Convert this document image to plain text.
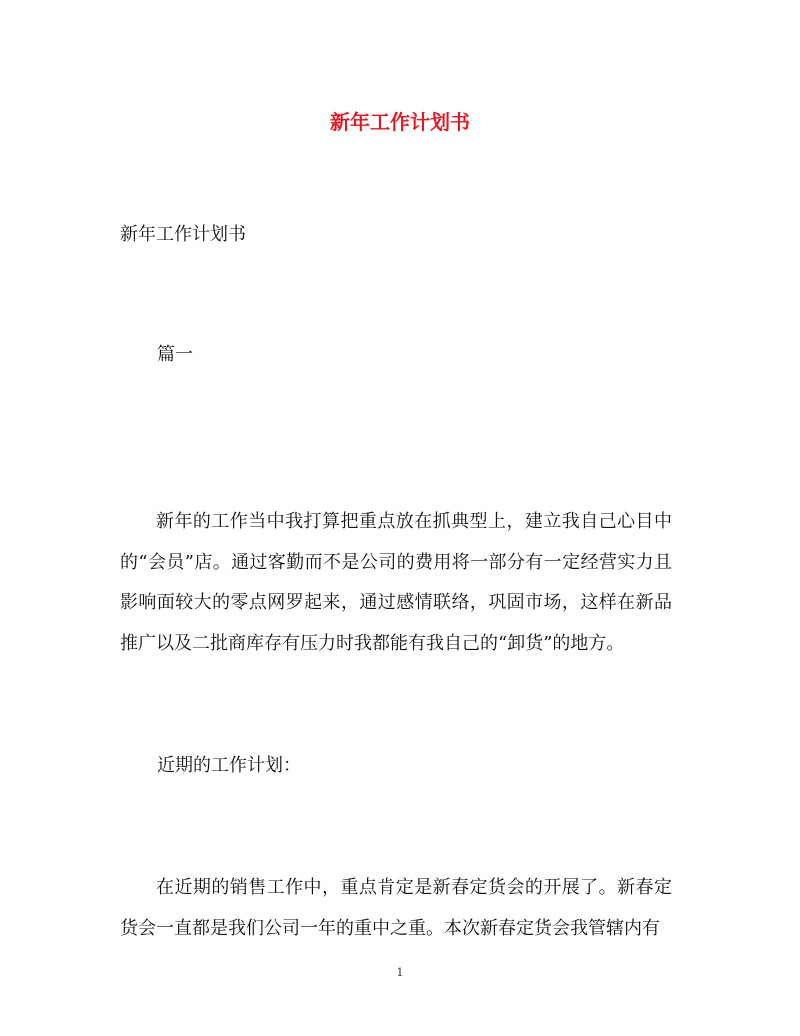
新年工作计划书

新年工作计划书

篇一

新年的工作当中我打算把重点放在抓典型上，建立我自己心目中的“会员”店。通过客勤而不是公司的费用将一部分有一定经营实力且影响面较大的零点网罗起来，通过感情联络，巩固市场，这样在新品推广以及二批商库存有压力时我都能有我自己的“卸货”的地方。

近期的工作计划：

在近期的销售工作中，重点肯定是新春定货会的开展了。新春定货会一直都是我们公司一年的重中之重。本次新春定货会我管辖内有

1
